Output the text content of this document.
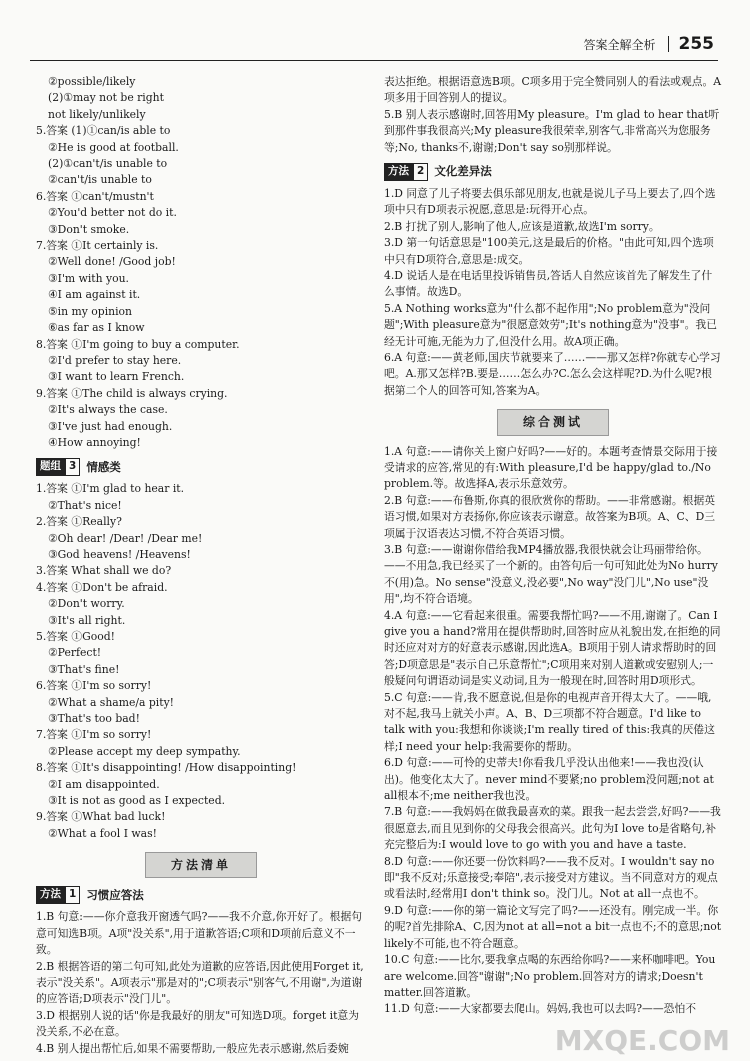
答案全解全析 255
②possible/likely
(2)①may not be right
not likely/unlikely
5.答案 (1)①can/is able to
②He is good at football.
(2)①can't/is unable to
②can't/is unable to
6.答案 ①can't/mustn't
②You'd better not do it.
③Don't smoke.
7.答案 ①It certainly is.
②Well done! /Good job!
③I'm with you.
④I am against it.
⑤in my opinion
⑥as far as I know
8.答案 ①I'm going to buy a computer.
②I'd prefer to stay here.
③I want to learn French.
9.答案 ①The child is always crying.
②It's always the case.
③I've just had enough.
④How annoying!
题组 3 情感类
1.答案 ①I'm glad to hear it.
②That's nice!
2.答案 ①Really?
②Oh dear! /Dear! /Dear me!
③God heavens! /Heavens!
3.答案 What shall we do?
4.答案 ①Don't be afraid.
②Don't worry.
③It's all right.
5.答案 ①Good!
②Perfect!
③That's fine!
6.答案 ①I'm so sorry!
②What a shame/a pity!
③That's too bad!
7.答案 ①I'm so sorry!
②Please accept my deep sympathy.
8.答案 ①It's disappointing! /How disappointing!
②I am disappointed.
③It is not as good as I expected.
9.答案 ①What bad luck!
②What a fool I was!
方法清单
方法 1 习惯应答法
1.B 句意:——你介意我开窗透气吗?——我不介意,你开好了。根据句意可知选B项。A项"没关系",用于道歉答语;C项和D项前后意义不一致。
2.B 根据答语的第二句可知,此处为道歉的应答语,因此使用Forget it,表示"没关系"。A项表示"那是对的";C项表示"别客气,不用谢",为道谢的应答语;D项表示"没门儿"。
3.D 根据别人说的话"你是我最好的朋友"可知选D项。forget it意为没关系,不必在意。
4.B 别人提出帮忙后,如果不需要帮助,一般应先表示感谢,然后委婉
表达拒绝。根据语意选B项。C项多用于完全赞同别人的看法或观点。A项多用于回答别人的提议。
5.B 别人表示感谢时,回答用My pleasure。I'm glad to hear that听到那件事我很高兴;My pleasure我很荣幸,别客气,非常高兴为您服务等;No, thanks不,谢谢;Don't say so别那样说。
方法 2 文化差异法
1.D 同意了儿子将要去俱乐部见朋友,也就是说儿子马上要去了,四个选项中只有D项表示祝愿,意思是:玩得开心点。
2.B 打扰了别人,影响了他人,应该是道歉,故选I'm sorry。
3.D 第一句话意思是"100美元,这是最后的价格。"由此可知,四个选项中只有D项符合,意思是:成交。
4.D 说话人是在电话里投诉销售员,答话人自然应该首先了解发生了什么事情。故选D。
5.A Nothing works意为"什么都不起作用";No problem意为"没问题";With pleasure意为"很愿意效劳";It's nothing意为"没事"。我已经无计可施,无能为力了,但没什么用。故A项正确。
6.A 句意:——黄老师,国庆节就要来了……——那又怎样?你就专心学习吧。A.那又怎样?B.要是……怎么办?C.怎么会这样呢?D.为什么呢?根据第二个人的回答可知,答案为A。
综合测试
1.A 句意:——请你关上窗户好吗?——好的。本题考查情景交际用于接受请求的应答,常见的有:With pleasure,I'd be happy/glad to./No problem.等。故选择A,表示乐意效劳。
2.B 句意:——布鲁斯,你真的很欣赏你的帮助。——非常感谢。根据英语习惯,如果对方表扬你,你应该表示谢意。故答案为B项。A、C、D三项属于汉语表达习惯,不符合英语习惯。
3.B 句意:——谢谢你借给我MP4播放器,我很快就会让玛丽带给你。——不用急,我已经买了一个新的。由答句后一句可知此处为No hurry不(用)急。No sense"没意义,没必要",No way"没门儿",No use"没用",均不符合语境。
4.A 句意:——它看起来很重。需要我帮忙吗?——不用,谢谢了。Can I give you a hand?常用在提供帮助时,回答时应从礼貌出发,在拒绝的同时还应对对方的好意表示感谢,因此选A。B项用于别人请求帮助时的回答;D项意思是"表示自己乐意帮忙";C项用来对别人道歉或安慰别人;一般疑问句谓语动词是实义动词,且为一般现在时,回答时用D项形式。
5.C 句意:——肯,我不愿意说,但是你的电视声音开得太大了。——哦,对不起,我马上就关小声。A、B、D三项都不符合题意。I'd like to talk with you:我想和你谈谈;I'm really tired of this:我真的厌倦这样;I need your help:我需要你的帮助。
6.D 句意:——可怜的史蒂夫!你看我几乎没认出他来!——我也没(认出)。他变化太大了。never mind不要紧;no problem没问题;not at all根本不;me neither我也没。
7.B 句意:——我妈妈在做我最喜欢的菜。跟我一起去尝尝,好吗?——我很愿意去,而且见到你的父母我会很高兴。此句为I love to是省略句,补充完整后为:I would love to go with you and have a taste.
8.D 句意:——你还要一份饮料吗?——我不反对。I wouldn't say no即"我不反对;乐意接受;奉陪",表示接受对方建议。当不同意对方的观点或看法时,经常用I don't think so。没门儿。Not at all一点也不。
9.D 句意:——你的第一篇论文写完了吗?——还没有。刚完成一半。你的呢?首先排除A、C,因为not at all=not a bit一点也不;不的意思;not likely不可能,也不符合题意。
10.C 句意:——比尔,要我拿点喝的东西给你吗?——来杯咖啡吧。You are welcome.回答"谢谢";No problem.回答对方的请求;Doesn't matter.回答道歉。
11.D 句意:——大家都要去爬山。妈妈,我也可以去吗?——恐怕不
MXQE.COM
